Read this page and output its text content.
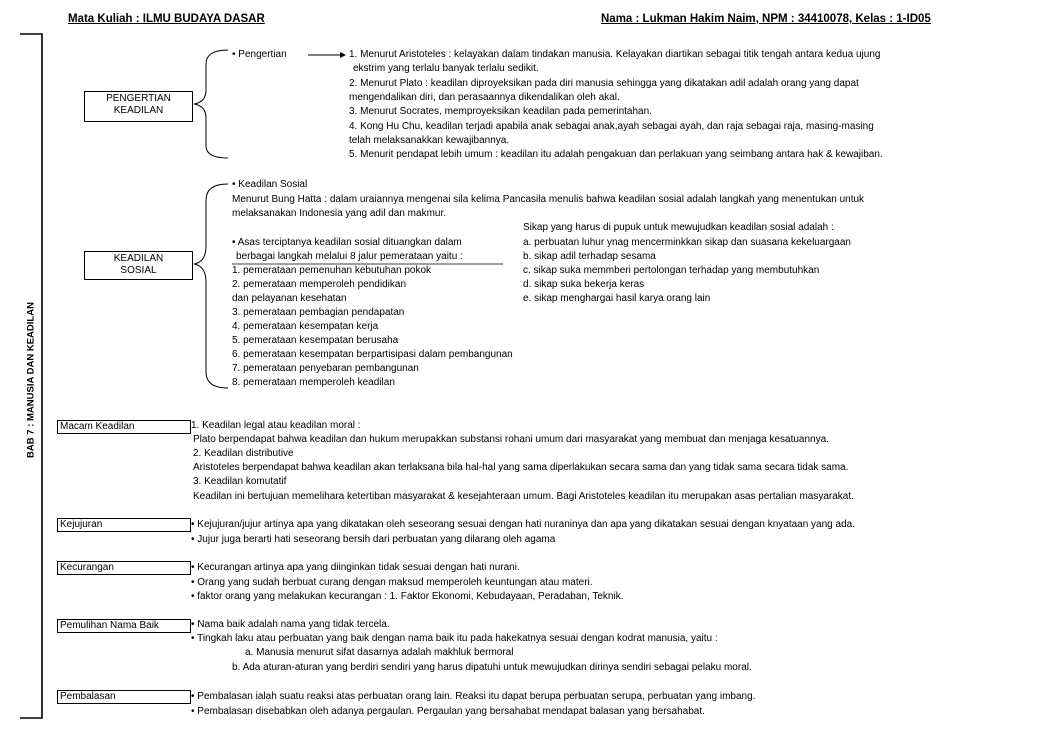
Mata Kuliah : ILMU BUDAYA DASAR	Nama : Lukman Hakim Naim, NPM : 34410078, Kelas : 1-ID05
BAB 7 : MANUSIA DAN KEADILAN
PENGERTIAN
KEADILAN
• Pengertian	1. Menurut Aristoteles : kelayakan dalam tindakan manusia. Kelayakan diartikan sebagai titik tengah antara kedua ujung
ekstrim yang terlalu banyak terlalu sedikit.
2. Menurut Plato : keadilan diproyeksikan pada diri manusia sehingga yang dikatakan adil adalah orang yang dapat
mengendalikan diri, dan perasaannya dikendalikan oleh akal.
3. Menurut Socrates, memproyeksikan keadilan pada pemerintahan.
4. Kong Hu Chu, keadilan terjadi apabila anak sebagai anak,ayah sebagai ayah, dan raja sebagai raja, masing-masing
telah melaksanakkan kewajibannya.
5. Menurit pendapat lebih umum : keadilan itu adalah pengakuan dan perlakuan yang seimbang antara hak & kewajiban.
KEADILAN
SOSIAL
• Keadilan Sosial
Menurut Bung Hatta : dalam uraiannya mengenai sila kelima Pancasila menulis bahwa keadilan sosial adalah langkah yang menentukan untuk
melaksanakan Indonesia yang adil dan makmur.
• Asas terciptanya keadilan sosial dituangkan dalam
berbagai langkah melalui 8 jalur pemerataan yaitu :
1. pemerataan pemenuhan kebutuhan pokok
2. pemerataan memperoleh pendidikan
dan pelayanan kesehatan
3. pemerataan pembagian pendapatan
4. pemerataan kesempatan kerja
5. pemerataan kesempatan berusaha
6. pemerataan kesempatan berpartisipasi dalam pembangunan
7. pemerataan penyebaran pembangunan
8. pemerataan memperoleh keadilan
Sikap yang harus di pupuk untuk mewujudkan keadilan sosial adalah :
a. perbuatan luhur ynag mencerminkkan sikap dan suasana kekeluargaan
b. sikap adil terhadap sesama
c. sikap suka memmberi pertolongan terhadap yang membutuhkan
d. sikap suka bekerja keras
e. sikap menghargai hasil karya orang lain
Macam Keadilan	1. Keadilan legal atau keadilan moral :
Plato berpendapat bahwa keadilan dan hukum merupakkan substansi rohani umum dari masyarakat yang membuat dan menjaga kesatuannya.
2. Keadilan distributive
Aristoteles berpendapat bahwa keadilan akan terlaksana bila hal-hal yang sama diperlakukan secara sama dan yang tidak sama secara tidak sama.
3. Keadilan komutatif
Keadilan ini bertujuan memelihara ketertiban masyarakat & kesejahteraan umum. Bagi Aristoteles keadilan itu merupakan asas pertalian masyarakat.
Kejujuran	• Kejujuran/jujur artinya apa yang dikatakan oleh seseorang sesuai dengan hati nuraninya dan apa yang dikatakan sesuai dengan knyataan yang ada.
• Jujur juga berarti hati seseorang bersih dari perbuatan yang dilarang oleh agama
Kecurangan	• Kecurangan artinya apa yang diinginkan tidak sesuai dengan hati nurani.
• Orang yang sudah berbuat curang dengan maksud memperoleh keuntungan atau materi.
• faktor orang yang melakukan kecurangan : 1. Faktor Ekonomi, Kebudayaan, Peradaban, Teknik.
Pemulihan Nama Baik	• Nama baik adalah nama yang tidak tercela.
• Tingkah laku atau perbuatan yang baik dengan nama baik itu pada hakekatnya sesuai dengan kodrat manusia, yaitu :
a. Manusia menurut sifat dasarnya adalah makhluk bermoral
b. Ada aturan-aturan yang berdiri sendiri yang harus dipatuhi untuk mewujudkan dirinya sendiri sebagai pelaku moral.
Pembalasan	• Pembalasan ialah suatu reaksi atas perbuatan orang lain. Reaksi itu dapat berupa perbuatan serupa, perbuatan yang imbang.
• Pembalasan disebabkan oleh adanya pergaulan. Pergaulan yang bersahabat mendapat balasan yang bersahabat.
